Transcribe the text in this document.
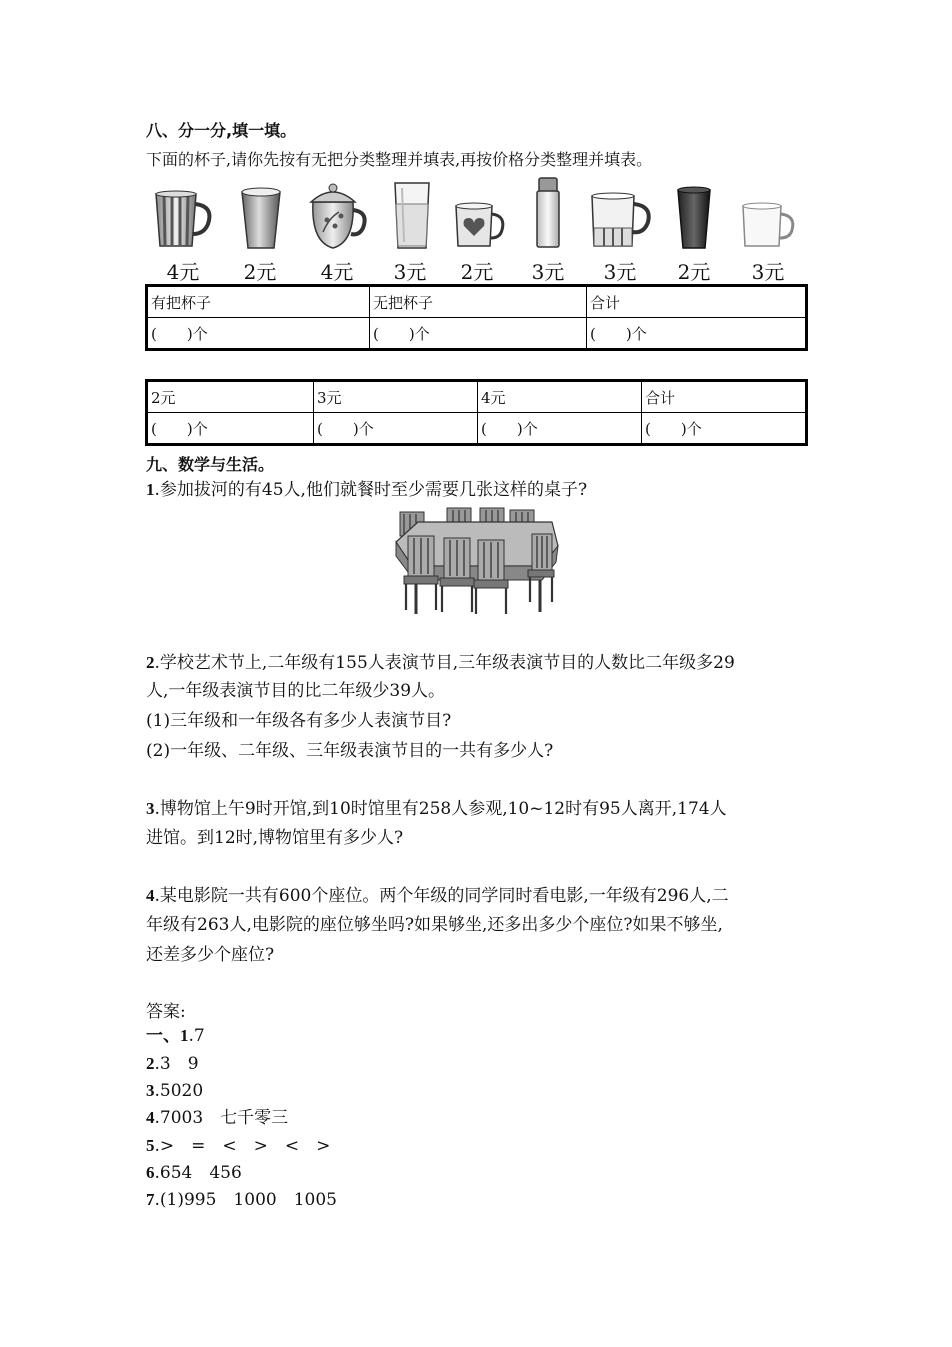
八、分一分,填一填。
下面的杯子,请你先按有无把分类整理并填表,再按价格分类整理并填表。
4元	2元	4元	3元	2元	3元	3元	2元	3元
有把杯子	无把杯子	合计
(　　)个	(　　)个	(　　)个
2元	3元	4元	合计
(　　)个	(　　)个	(　　)个	(　　)个
九、数学与生活。
1.参加拔河的有45人,他们就餐时至少需要几张这样的桌子?
2.学校艺术节上,二年级有155人表演节目,三年级表演节目的人数比二年级多29
人,一年级表演节目的比二年级少39人。
(1)三年级和一年级各有多少人表演节目?
(2)一年级、二年级、三年级表演节目的一共有多少人?
3.博物馆上午9时开馆,到10时馆里有258人参观,10~12时有95人离开,174人
进馆。到12时,博物馆里有多少人?
4.某电影院一共有600个座位。两个年级的同学同时看电影,一年级有296人,二
年级有263人,电影院的座位够坐吗?如果够坐,还多出多少个座位?如果不够坐,
还差多少个座位?
答案:
一、1.7
2.3　9
3.5020
4.7003　七千零三
5.>　=　<　>　<　>
6.654　456
7.(1)995　1000　1005
